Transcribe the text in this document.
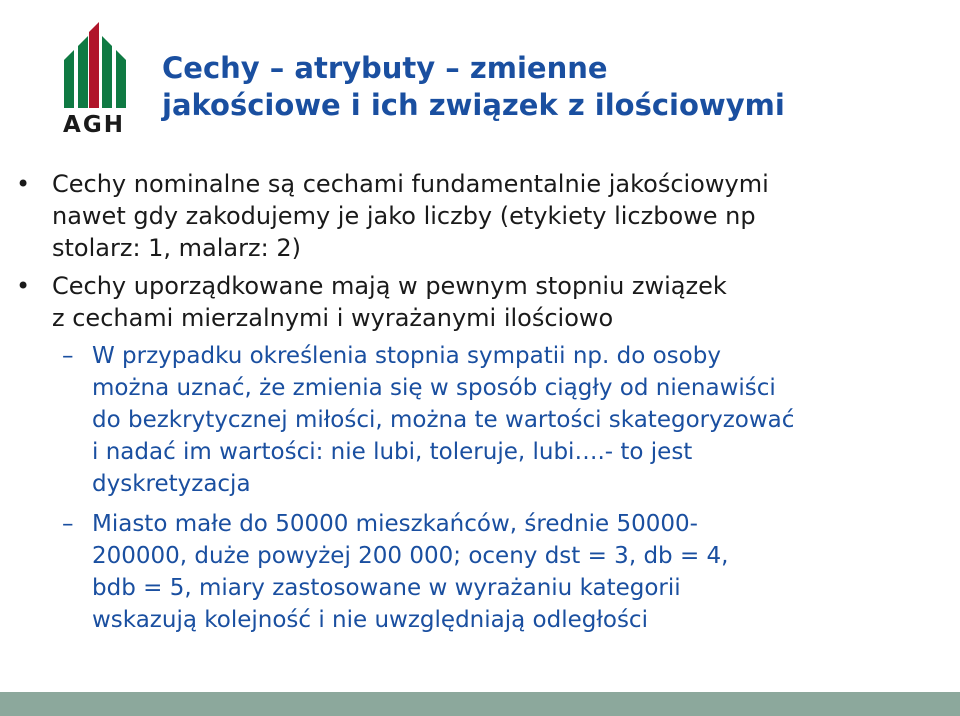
AGH
Cechy – atrybuty – zmienne
jakościowe i ich związek z ilościowymi
• Cechy nominalne są cechami fundamentalnie jakościowymi
nawet gdy zakodujemy je jako liczby (etykiety liczbowe np
stolarz: 1, malarz: 2)
• Cechy uporządkowane mają w pewnym stopniu związek
z cechami mierzalnymi i wyrażanymi ilościowo
– W przypadku określenia stopnia sympatii np. do osoby
można uznać, że zmienia się w sposób ciągły od nienawiści
do bezkrytycznej miłości, można te wartości skategoryzować
i nadać im wartości: nie lubi, toleruje, lubi….- to jest
dyskretyzacja
– Miasto małe do 50000 mieszkańców, średnie 50000-
200000, duże powyżej 200 000; oceny dst = 3, db = 4,
bdb = 5, miary zastosowane w wyrażaniu kategorii
wskazują kolejność i nie uwzględniają odległości
